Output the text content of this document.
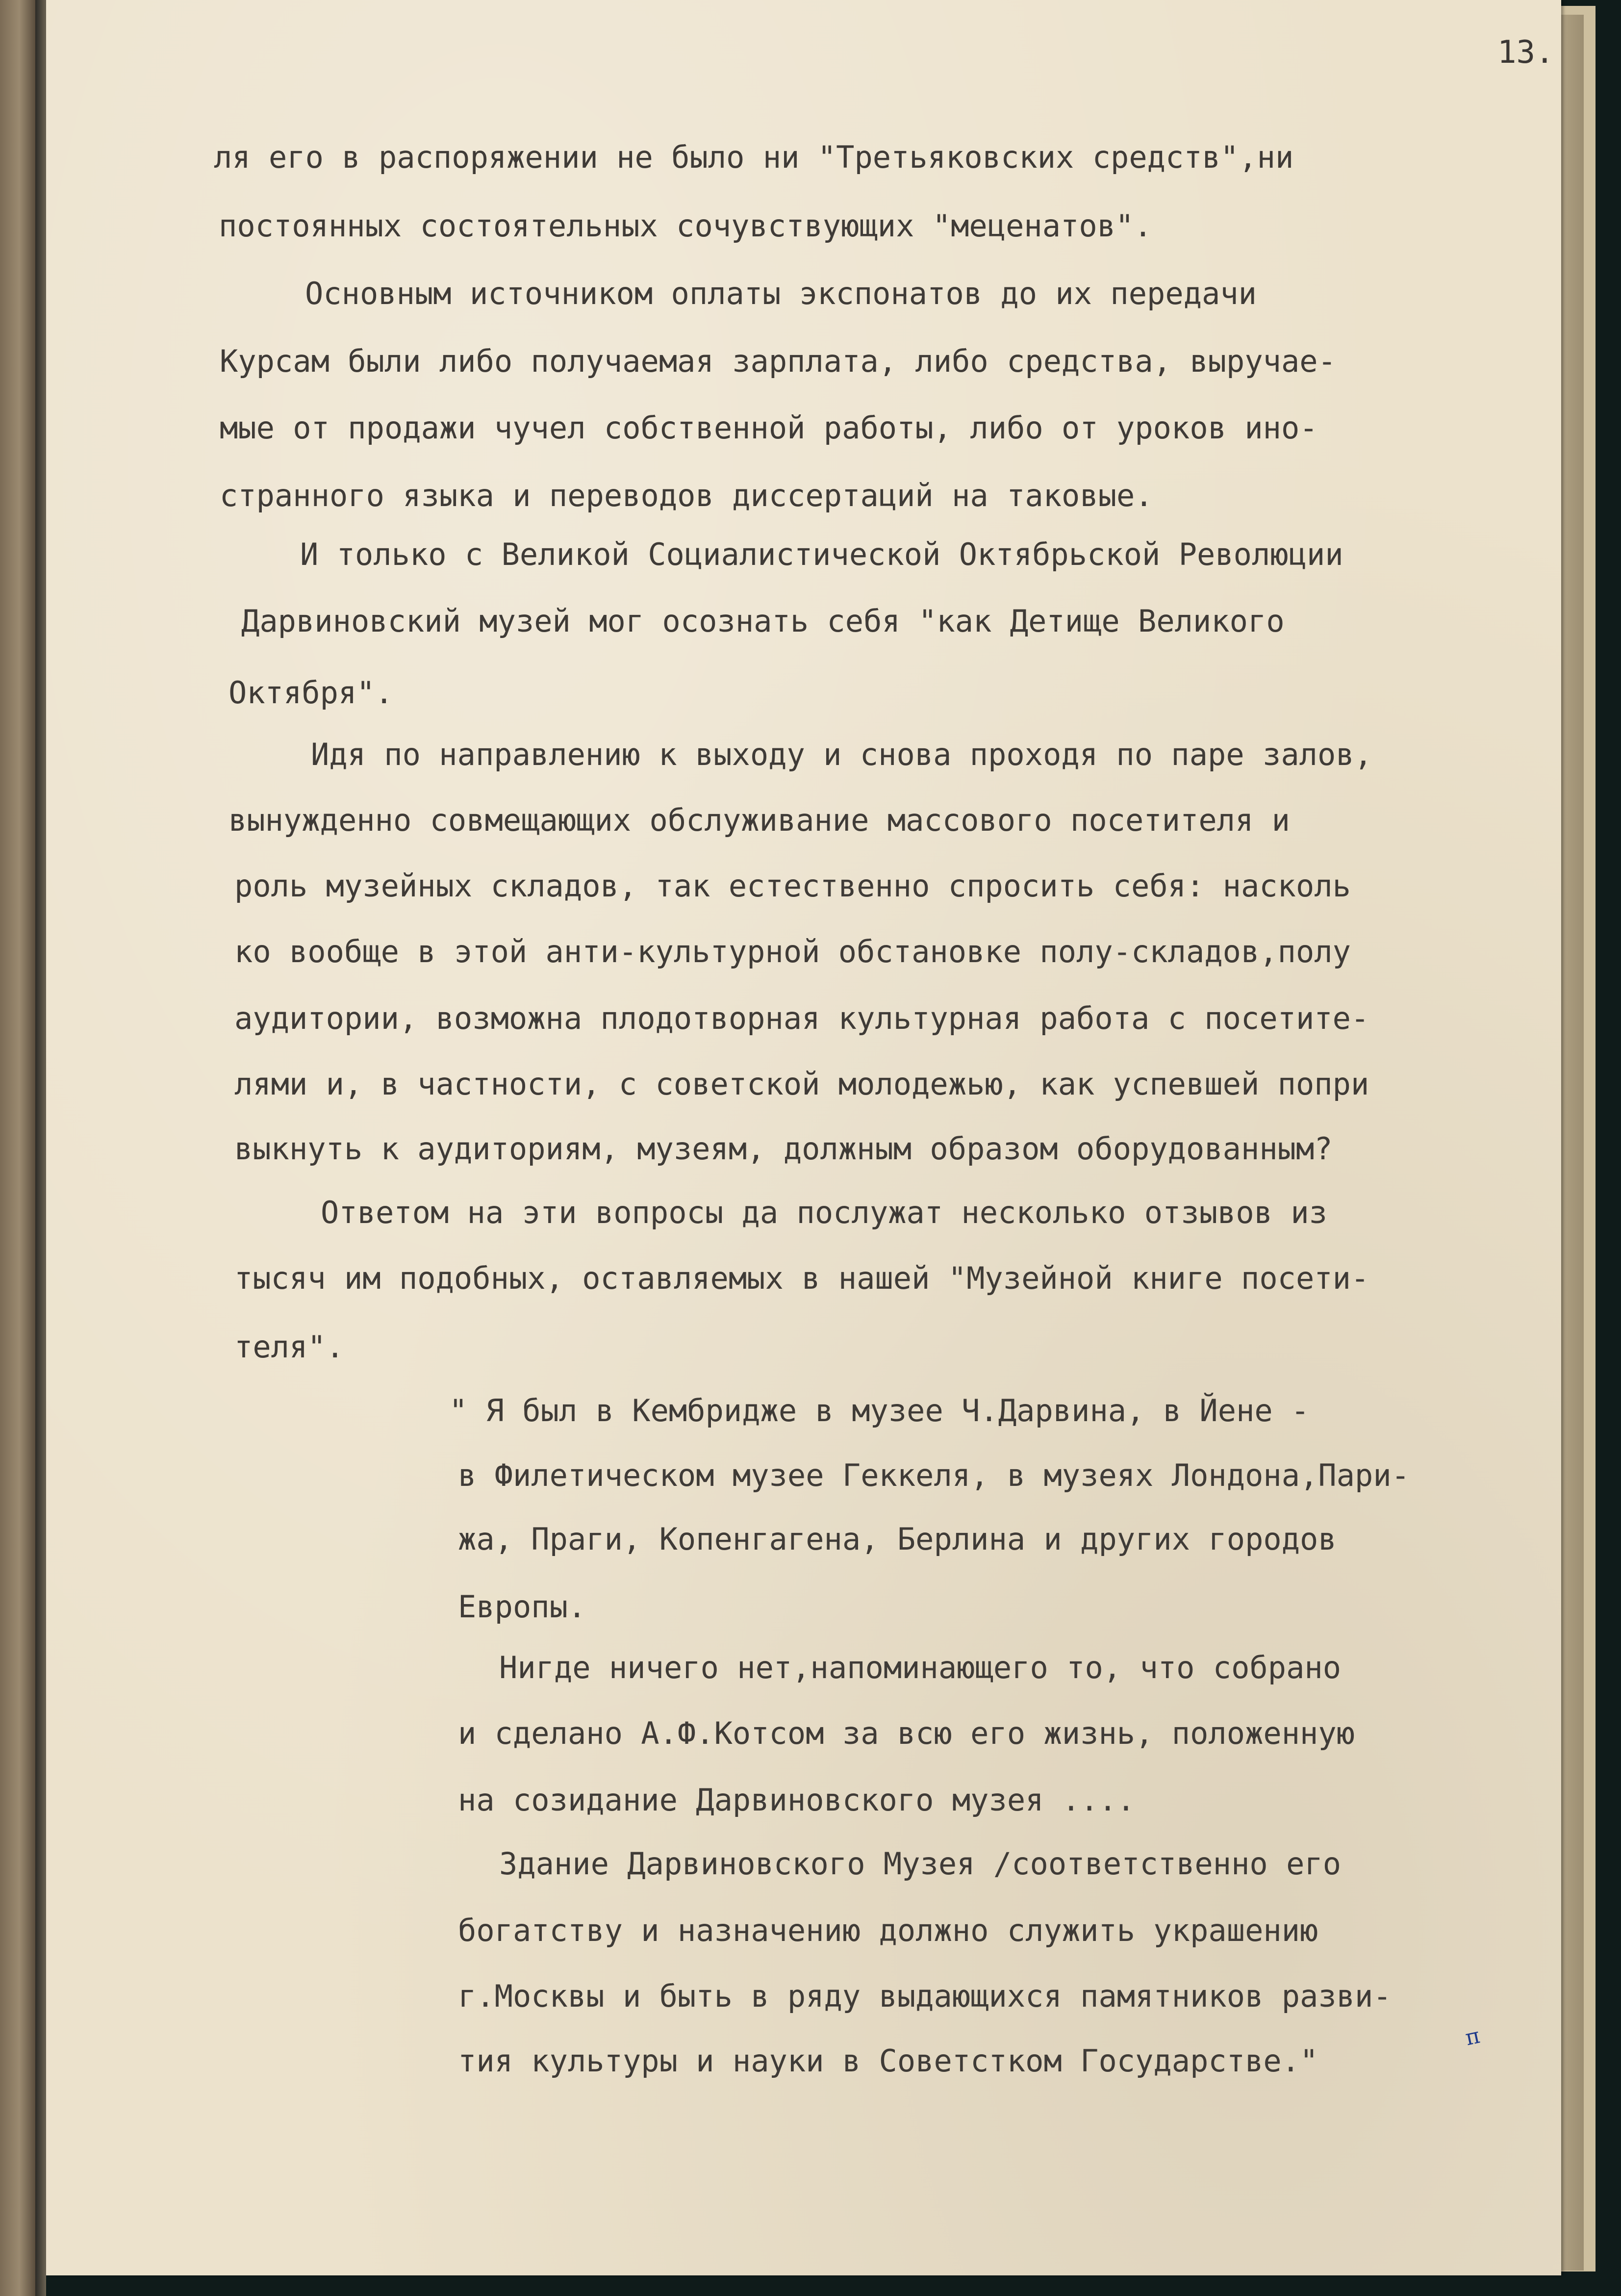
13.

ля его в распоряжении не было ни "Третьяковских средств",ни

постоянных состоятельных сочувствующих "меценатов".

Основным источником оплаты экспонатов до их передачи

Курсам были либо получаемая зарплата, либо средства, выручае-

мые от продажи чучел собственной работы, либо от уроков ино-

странного языка и переводов диссертаций на таковые.

И только с Великой Социалистической Октябрьской Революции

Дарвиновский музей мог осознать себя "как Детище Великого

Октября".

Идя по направлению к выходу и снова проходя по паре залов,

вынужденно совмещающих обслуживание массового посетителя и

роль музейных складов, так естественно спросить себя: насколь

ко вообще в этой анти-культурной обстановке полу-складов,полу

аудитории, возможна плодотворная культурная работа с посетите-

лями и, в частности, с советской молодежью, как успевшей попри

выкнуть к аудиториям, музеям, должным образом оборудованным?

Ответом на эти вопросы да послужат несколько отзывов из

тысяч им подобных, оставляемых в нашей "Музейной книге посети-

теля".

" Я был в Кембридже в музее Ч.Дарвина, в Йене -

в Филетическом музее Геккеля, в музеях Лондона,Пари-

жа, Праги, Копенгагена, Берлина и других городов

Европы.

Нигде ничего нет,напоминающего то, что собрано

и сделано А.Ф.Котсом за всю его жизнь, положенную

на созидание Дарвиновского музея ....

Здание Дарвиновского Музея /соответственно его

богатству и назначению должно служить украшению

г.Москвы и быть в ряду выдающихся памятников разви-

тия культуры и науки в Советстком Государстве."

п
